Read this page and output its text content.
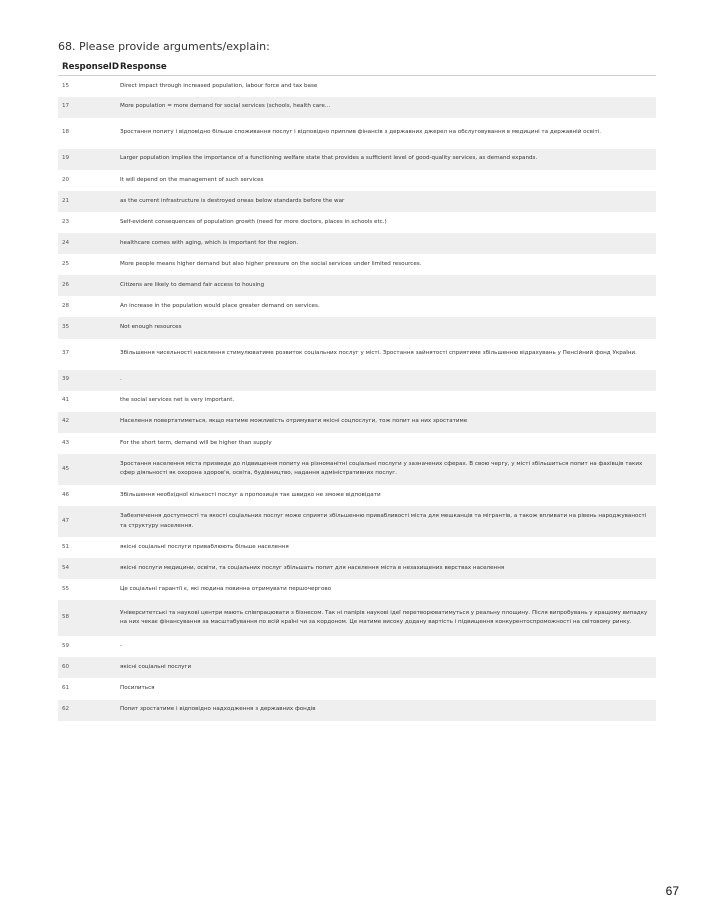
68. Please provide arguments/explain:
ResponseID	Response
15	Direct impact through increased population, labour force and tax base
17	More population = more demand for social services (schools, health care...
18	Зростання попиту і відповідно більше споживання послуг і відповідно приплив фінансів з державних джерел на обслуговування в медицині та державній освіті.
19	Larger population implies the importance of a functioning welfare state that provides a sufficient level of good-quality services, as demand expands.
20	It will depend on the management of such services
21	as the current infrastructure is destroyed orwas below standards before the war
23	Self-evident consequences of population growth (need for more doctors, places in schools etc.)
24	healthcare comes with aging, which is important for the region.
25	More people means higher demand but also higher pressure on the social services under limited resources.
26	Citizens are likely to demand fair access to housing
28	An increase in the population would place greater demand on services.
35	Not enough resources
37	Збільшення чисельності населення стимулюватиме розвиток соціальних послуг у місті. Зростання зайнятості сприятиме збільшенню відрахувань у Пенсійний фонд України.
39	.
41	the social services net is very important.
42	Населення повертатиметься, якщо матиме можливість отримувати якісні соцпослуги, тож попит на них зростатиме
43	For the short term, demand will be higher than supply
45	Зростання населення міста призведе до підвищення попиту на різноманітні соціальні послуги у зазначених сферах. В свою чергу, у місті збільшиться попит на фахівців таких сфер діяльності як охорона здоров'я, освіта, будівництво, надання адміністративних послуг.
46	Збільшення необхідної кількості послуг а пропозиція так швидко не зможе відповідати
47	Забезпечення доступності та якості соціальних послуг може сприяти збільшенню привабливості міста для мешканців та мігрантів, а також впливати на рівень народжуваності та структуру населення.
51	якісні соціальні послуги приваблюють більше населення
54	якісні послуги медицини, освіти, та соціальних послуг збільшать попит для населення міста в незахищених верствах населення
55	Це соціальні гарантії є, які людина повинна отримувати першочергово
58	Університетські та наукові центри мають співпрацювати з бізнесом. Так ні папірів наукові ідеї перетворюватимуться у реальну площину. Після випробувань у кращому випадку на них чекає фінансування за масштабування по всій країні чи за кордоном. Це матиме високу додану вартість і підвищення конкурентоспроможності на світовому ринку.
59	-
60	якісні соціальні послуги
61	Посилиться
62	Попит зростатиме і відповідно надходження з державних фондів
67
